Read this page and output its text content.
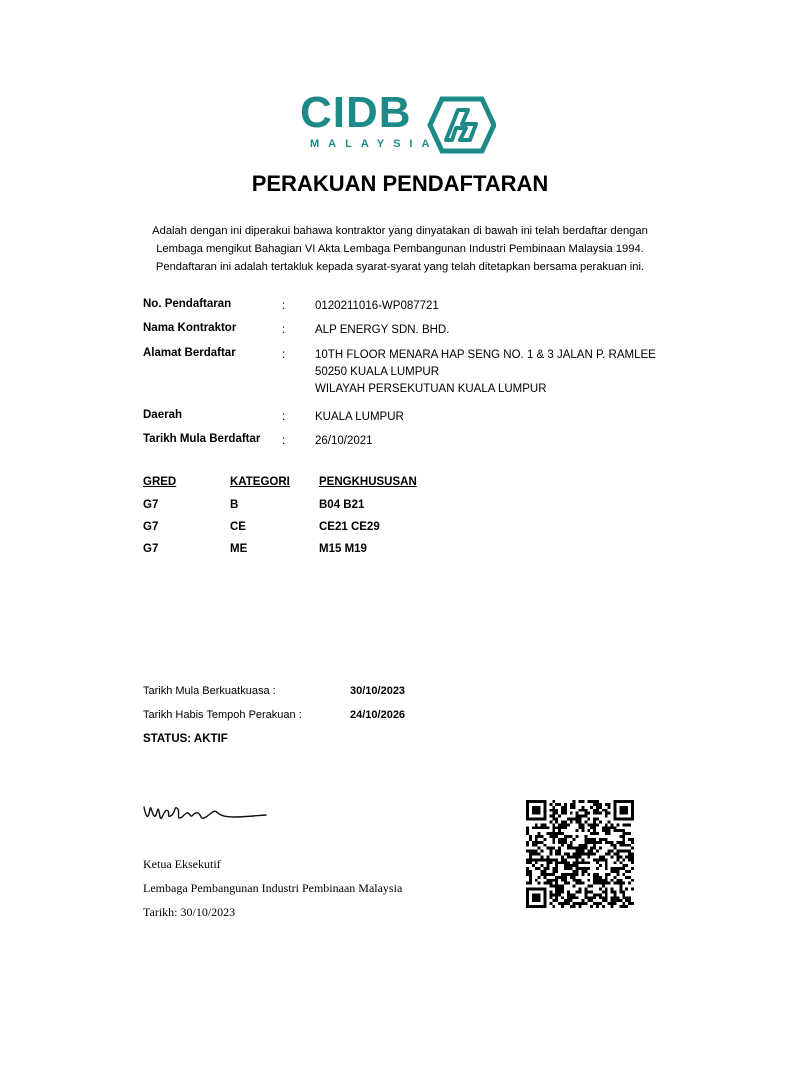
CIDB
MALAYSIA
PERAKUAN PENDAFTARAN
Adalah dengan ini diperakui bahawa kontraktor yang dinyatakan di bawah ini telah berdaftar dengan
Lembaga mengikut Bahagian VI Akta Lembaga Pembangunan Industri Pembinaan Malaysia 1994.
Pendaftaran ini adalah tertakluk kepada syarat-syarat yang telah ditetapkan bersama perakuan ini.
No. Pendaftaran	:	0120211016-WP087721
Nama Kontraktor	:	ALP ENERGY SDN. BHD.
Alamat Berdaftar	:	10TH FLOOR MENARA HAP SENG NO. 1 & 3 JALAN P. RAMLEE
50250 KUALA LUMPUR
WILAYAH PERSEKUTUAN KUALA LUMPUR
Daerah	:	KUALA LUMPUR
Tarikh Mula Berdaftar	:	26/10/2021
GRED	KATEGORI	PENGKHUSUSAN
G7	B	B04 B21
G7	CE	CE21 CE29
G7	ME	M15 M19
Tarikh Mula Berkuatkuasa :	30/10/2023
Tarikh Habis Tempoh Perakuan :	24/10/2026
STATUS: AKTIF
Ketua Eksekutif
Lembaga Pembangunan Industri Pembinaan Malaysia
Tarikh: 30/10/2023
